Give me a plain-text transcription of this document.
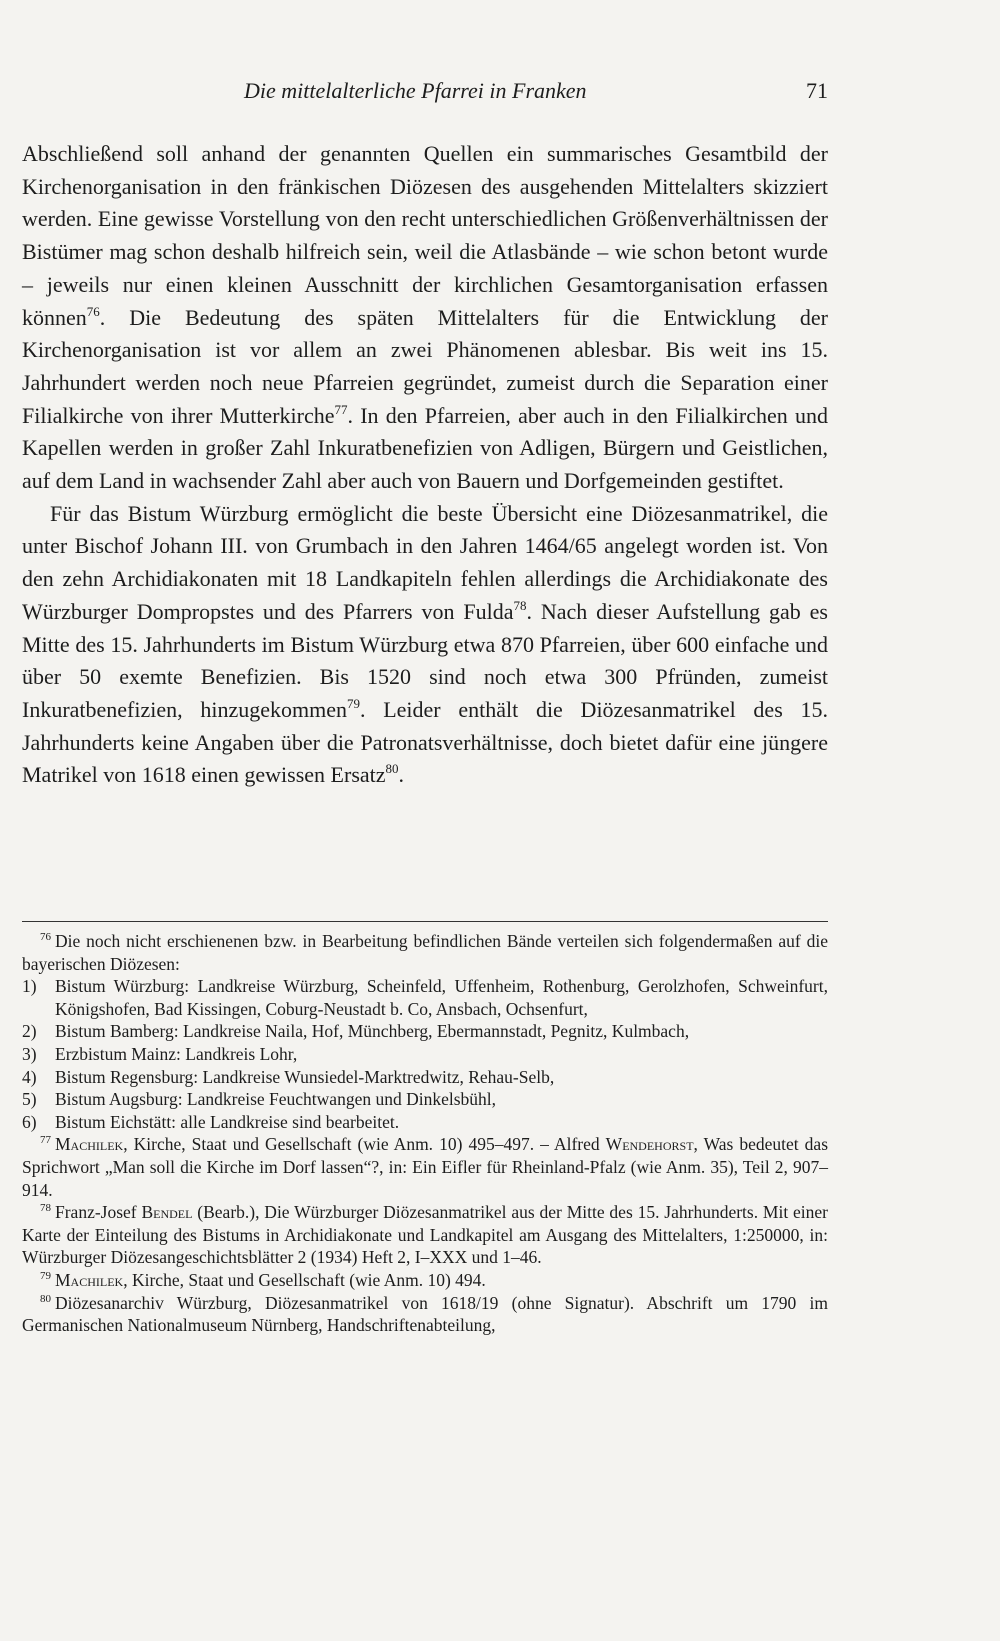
Die mittelalterliche Pfarrei in Franken	71

Abschließend soll anhand der genannten Quellen ein summarisches Gesamtbild der Kirchenorganisation in den fränkischen Diözesen des ausgehenden Mittelalters skizziert werden. Eine gewisse Vorstellung von den recht unterschiedlichen Größenverhältnissen der Bistümer mag schon deshalb hilfreich sein, weil die Atlasbände – wie schon betont wurde – jeweils nur einen kleinen Ausschnitt der kirchlichen Gesamtorganisation erfassen können$^{76}$. Die Bedeutung des späten Mittelalters für die Entwicklung der Kirchenorganisation ist vor allem an zwei Phänomenen ablesbar. Bis weit ins 15. Jahrhundert werden noch neue Pfarreien gegründet, zumeist durch die Separation einer Filialkirche von ihrer Mutterkirche$^{77}$. In den Pfarreien, aber auch in den Filialkirchen und Kapellen werden in großer Zahl Inkuratbenefizien von Adligen, Bürgern und Geistlichen, auf dem Land in wachsender Zahl aber auch von Bauern und Dorfgemeinden gestiftet.

Für das Bistum Würzburg ermöglicht die beste Übersicht eine Diözesanmatrikel, die unter Bischof Johann III. von Grumbach in den Jahren 1464/65 angelegt worden ist. Von den zehn Archidiakonaten mit 18 Landkapiteln fehlen allerdings die Archidiakonate des Würzburger Dompropstes und des Pfarrers von Fulda$^{78}$. Nach dieser Aufstellung gab es Mitte des 15. Jahrhunderts im Bistum Würzburg etwa 870 Pfarreien, über 600 einfache und über 50 exemte Benefizien. Bis 1520 sind noch etwa 300 Pfründen, zumeist Inkuratbenefizien, hinzugekommen$^{79}$. Leider enthält die Diözesanmatrikel des 15. Jahrhunderts keine Angaben über die Patronatsverhältnisse, doch bietet dafür eine jüngere Matrikel von 1618 einen gewissen Ersatz$^{80}$.

$^{76}$ Die noch nicht erschienenen bzw. in Bearbeitung befindlichen Bände verteilen sich folgendermaßen auf die bayerischen Diözesen:

1) Bistum Würzburg: Landkreise Würzburg, Scheinfeld, Uffenheim, Rothenburg, Gerolzhofen, Schweinfurt, Königshofen, Bad Kissingen, Coburg-Neustadt b. Co, Ansbach, Ochsenfurt,
2) Bistum Bamberg: Landkreise Naila, Hof, Münchberg, Ebermannstadt, Pegnitz, Kulmbach,
3) Erzbistum Mainz: Landkreis Lohr,
4) Bistum Regensburg: Landkreise Wunsiedel-Marktredwitz, Rehau-Selb,
5) Bistum Augsburg: Landkreise Feuchtwangen und Dinkelsbühl,
6) Bistum Eichstätt: alle Landkreise sind bearbeitet.

$^{77}$ Machilek, Kirche, Staat und Gesellschaft (wie Anm. 10) 495–497. – Alfred Wendehorst, Was bedeutet das Sprichwort „Man soll die Kirche im Dorf lassen“?, in: Ein Eifler für Rheinland-Pfalz (wie Anm. 35), Teil 2, 907–914.

$^{78}$ Franz-Josef Bendel (Bearb.), Die Würzburger Diözesanmatrikel aus der Mitte des 15. Jahrhunderts. Mit einer Karte der Einteilung des Bistums in Archidiakonate und Landkapitel am Ausgang des Mittelalters, 1:250000, in: Würzburger Diözesangeschichtsblätter 2 (1934) Heft 2, I–XXX und 1–46.

$^{79}$ Machilek, Kirche, Staat und Gesellschaft (wie Anm. 10) 494.

$^{80}$ Diözesanarchiv Würzburg, Diözesanmatrikel von 1618/19 (ohne Signatur). Abschrift um 1790 im Germanischen Nationalmuseum Nürnberg, Handschriftenabteilung,
